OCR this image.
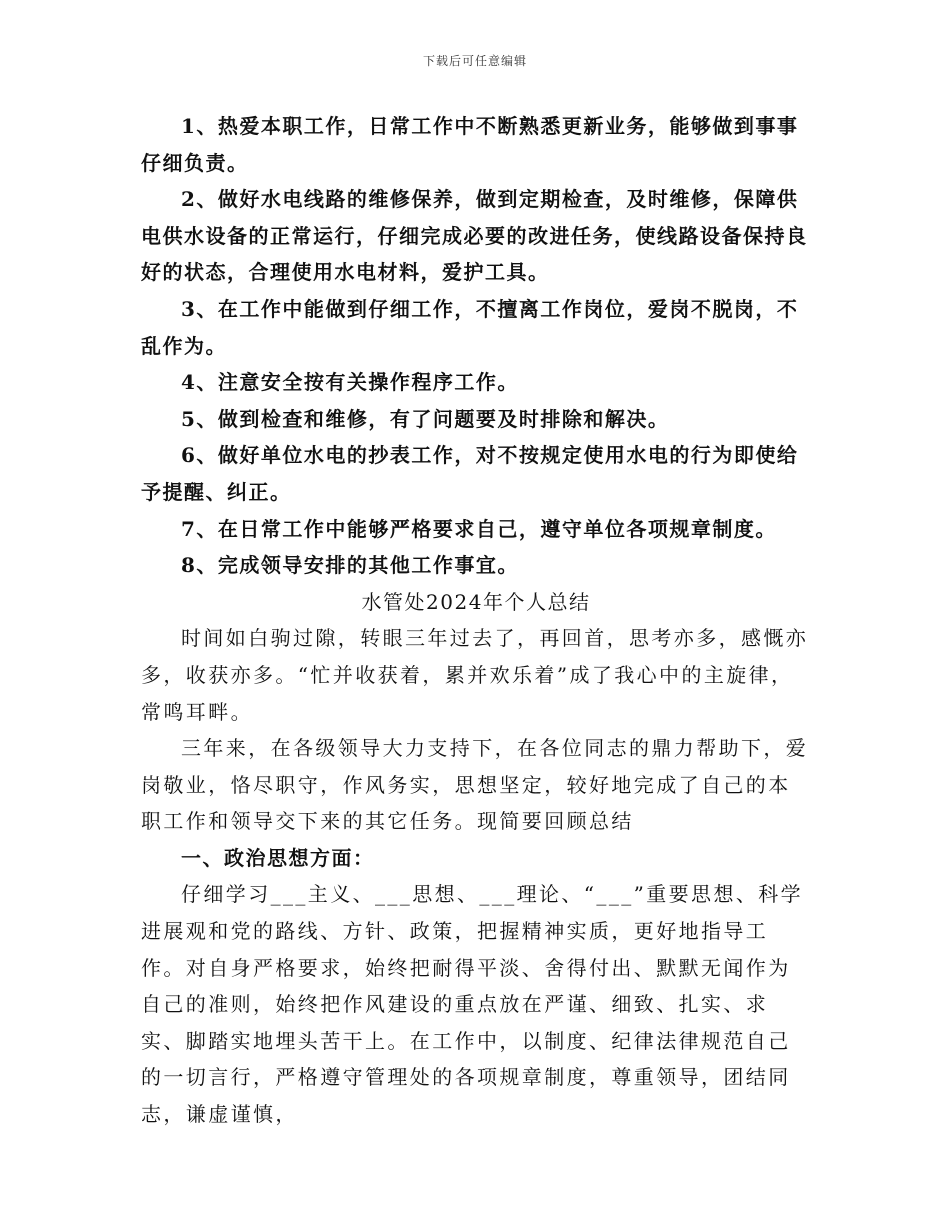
下载后可任意编辑

1、热爱本职工作，日常工作中不断熟悉更新业务，能够做到事事仔细负责。

2、做好水电线路的维修保养，做到定期检查，及时维修，保障供电供水设备的正常运行，仔细完成必要的改进任务，使线路设备保持良好的状态，合理使用水电材料，爱护工具。

3、在工作中能做到仔细工作，不擅离工作岗位，爱岗不脱岗，不乱作为。

4、注意安全按有关操作程序工作。

5、做到检查和维修，有了问题要及时排除和解决。

6、做好单位水电的抄表工作，对不按规定使用水电的行为即使给予提醒、纠正。

7、在日常工作中能够严格要求自己，遵守单位各项规章制度。

8、完成领导安排的其他工作事宜。

水管处2024年个人总结

时间如白驹过隙，转眼三年过去了，再回首，思考亦多，感慨亦多，收获亦多。“忙并收获着，累并欢乐着”成了我心中的主旋律，常鸣耳畔。

三年来，在各级领导大力支持下，在各位同志的鼎力帮助下，爱岗敬业，恪尽职守，作风务实，思想坚定，较好地完成了自己的本职工作和领导交下来的其它任务。现简要回顾总结

一、政治思想方面：

仔细学习___主义、___思想、___理论、“___”重要思想、科学进展观和党的路线、方针、政策，把握精神实质，更好地指导工作。对自身严格要求，始终把耐得平淡、舍得付出、默默无闻作为自己的准则，始终把作风建设的重点放在严谨、细致、扎实、求实、脚踏实地埋头苦干上。在工作中，以制度、纪律法律规范自己的一切言行，严格遵守管理处的各项规章制度，尊重领导，团结同志，谦虚谨慎，
